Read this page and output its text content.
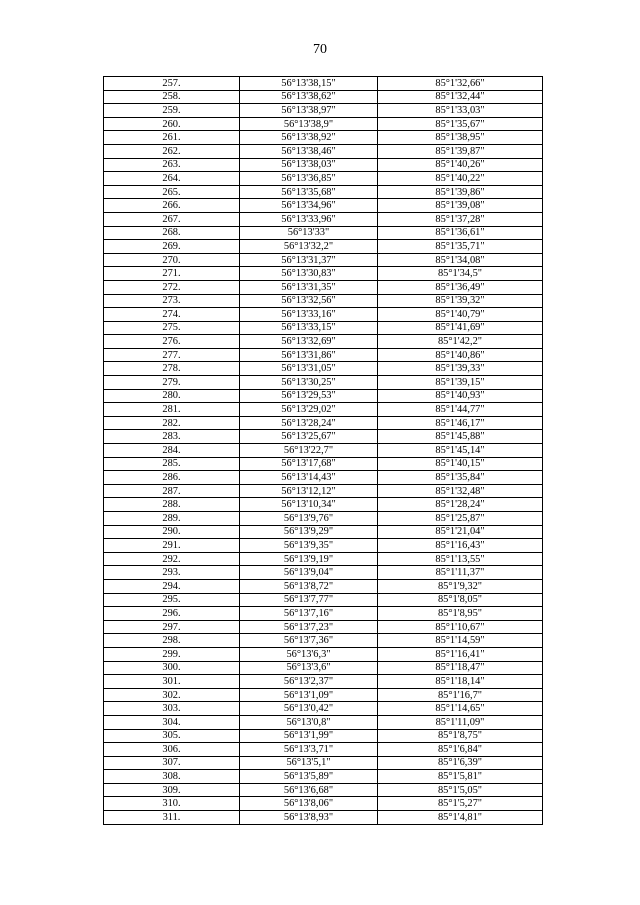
70
257.	56°13'38,15"	85°1'32,66"
258.	56°13'38,62"	85°1'32,44"
259.	56°13'38,97"	85°1'33,03"
260.	56°13'38,9"	85°1'35,67"
261.	56°13'38,92"	85°1'38,95"
262.	56°13'38,46"	85°1'39,87"
263.	56°13'38,03"	85°1'40,26"
264.	56°13'36,85"	85°1'40,22"
265.	56°13'35,68"	85°1'39,86"
266.	56°13'34,96"	85°1'39,08"
267.	56°13'33,96"	85°1'37,28"
268.	56°13'33"	85°1'36,61"
269.	56°13'32,2"	85°1'35,71"
270.	56°13'31,37"	85°1'34,08"
271.	56°13'30,83"	85°1'34,5"
272.	56°13'31,35"	85°1'36,49"
273.	56°13'32,56"	85°1'39,32"
274.	56°13'33,16"	85°1'40,79"
275.	56°13'33,15"	85°1'41,69"
276.	56°13'32,69"	85°1'42,2"
277.	56°13'31,86"	85°1'40,86"
278.	56°13'31,05"	85°1'39,33"
279.	56°13'30,25"	85°1'39,15"
280.	56°13'29,53"	85°1'40,93"
281.	56°13'29,02"	85°1'44,77"
282.	56°13'28,24"	85°1'46,17"
283.	56°13'25,67"	85°1'45,88"
284.	56°13'22,7"	85°1'45,14"
285.	56°13'17,68"	85°1'40,15"
286.	56°13'14,43"	85°1'35,84"
287.	56°13'12,12"	85°1'32,48"
288.	56°13'10,34"	85°1'28,24"
289.	56°13'9,76"	85°1'25,87"
290.	56°13'9,29"	85°1'21,04"
291.	56°13'9,35"	85°1'16,43"
292.	56°13'9,19"	85°1'13,55"
293.	56°13'9,04"	85°1'11,37"
294.	56°13'8,72"	85°1'9,32"
295.	56°13'7,77"	85°1'8,05"
296.	56°13'7,16"	85°1'8,95"
297.	56°13'7,23"	85°1'10,67"
298.	56°13'7,36"	85°1'14,59"
299.	56°13'6,3"	85°1'16,41"
300.	56°13'3,6"	85°1'18,47"
301.	56°13'2,37"	85°1'18,14"
302.	56°13'1,09"	85°1'16,7"
303.	56°13'0,42"	85°1'14,65"
304.	56°13'0,8"	85°1'11,09"
305.	56°13'1,99"	85°1'8,75"
306.	56°13'3,71"	85°1'6,84"
307.	56°13'5,1"	85°1'6,39"
308.	56°13'5,89"	85°1'5,81"
309.	56°13'6,68"	85°1'5,05"
310.	56°13'8,06"	85°1'5,27"
311.	56°13'8,93"	85°1'4,81"
